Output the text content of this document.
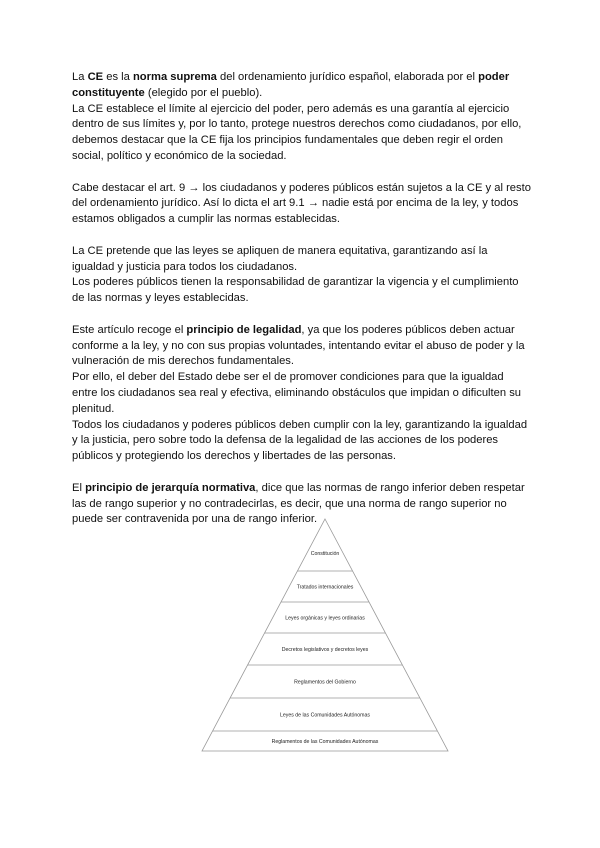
La CE es la norma suprema del ordenamiento jurídico español, elaborada por el poder constituyente (elegido por el pueblo).

La CE establece el límite al ejercicio del poder, pero además es una garantía al ejercicio dentro de sus límites y, por lo tanto, protege nuestros derechos como ciudadanos, por ello, debemos destacar que la CE fija los principios fundamentales que deben regir el orden social, político y económico de la sociedad.

Cabe destacar el art. 9 → los ciudadanos y poderes públicos están sujetos a la CE y al resto del ordenamiento jurídico. Así lo dicta el art 9.1 → nadie está por encima de la ley, y todos estamos obligados a cumplir las normas establecidas.

La CE pretende que las leyes se apliquen de manera equitativa, garantizando así la igualdad y justicia para todos los ciudadanos.

Los poderes públicos tienen la responsabilidad de garantizar la vigencia y el cumplimiento de las normas y leyes establecidas.

Este artículo recoge el principio de legalidad, ya que los poderes públicos deben actuar conforme a la ley, y no con sus propias voluntades, intentando evitar el abuso de poder y la vulneración de mis derechos fundamentales.

Por ello, el deber del Estado debe ser el de promover condiciones para que la igualdad entre los ciudadanos sea real y efectiva, eliminando obstáculos que impidan o dificulten su plenitud.

Todos los ciudadanos y poderes públicos deben cumplir con la ley, garantizando la igualdad y la justicia, pero sobre todo la defensa de la legalidad de las acciones de los poderes públicos y protegiendo los derechos y libertades de las personas.

El principio de jerarquía normativa, dice que las normas de rango inferior deben respetar las de rango superior y no contradecirlas, es decir, que una norma de rango superior no puede ser contravenida por una de rango inferior.

Constitución
Tratados internacionales
Leyes orgánicas y leyes ordinarias
Decretos legislativos y decretos leyes
Reglamentos del Gobierno
Leyes de las Comunidades Autónomas
Reglamentos de las Comunidades Autónomas
